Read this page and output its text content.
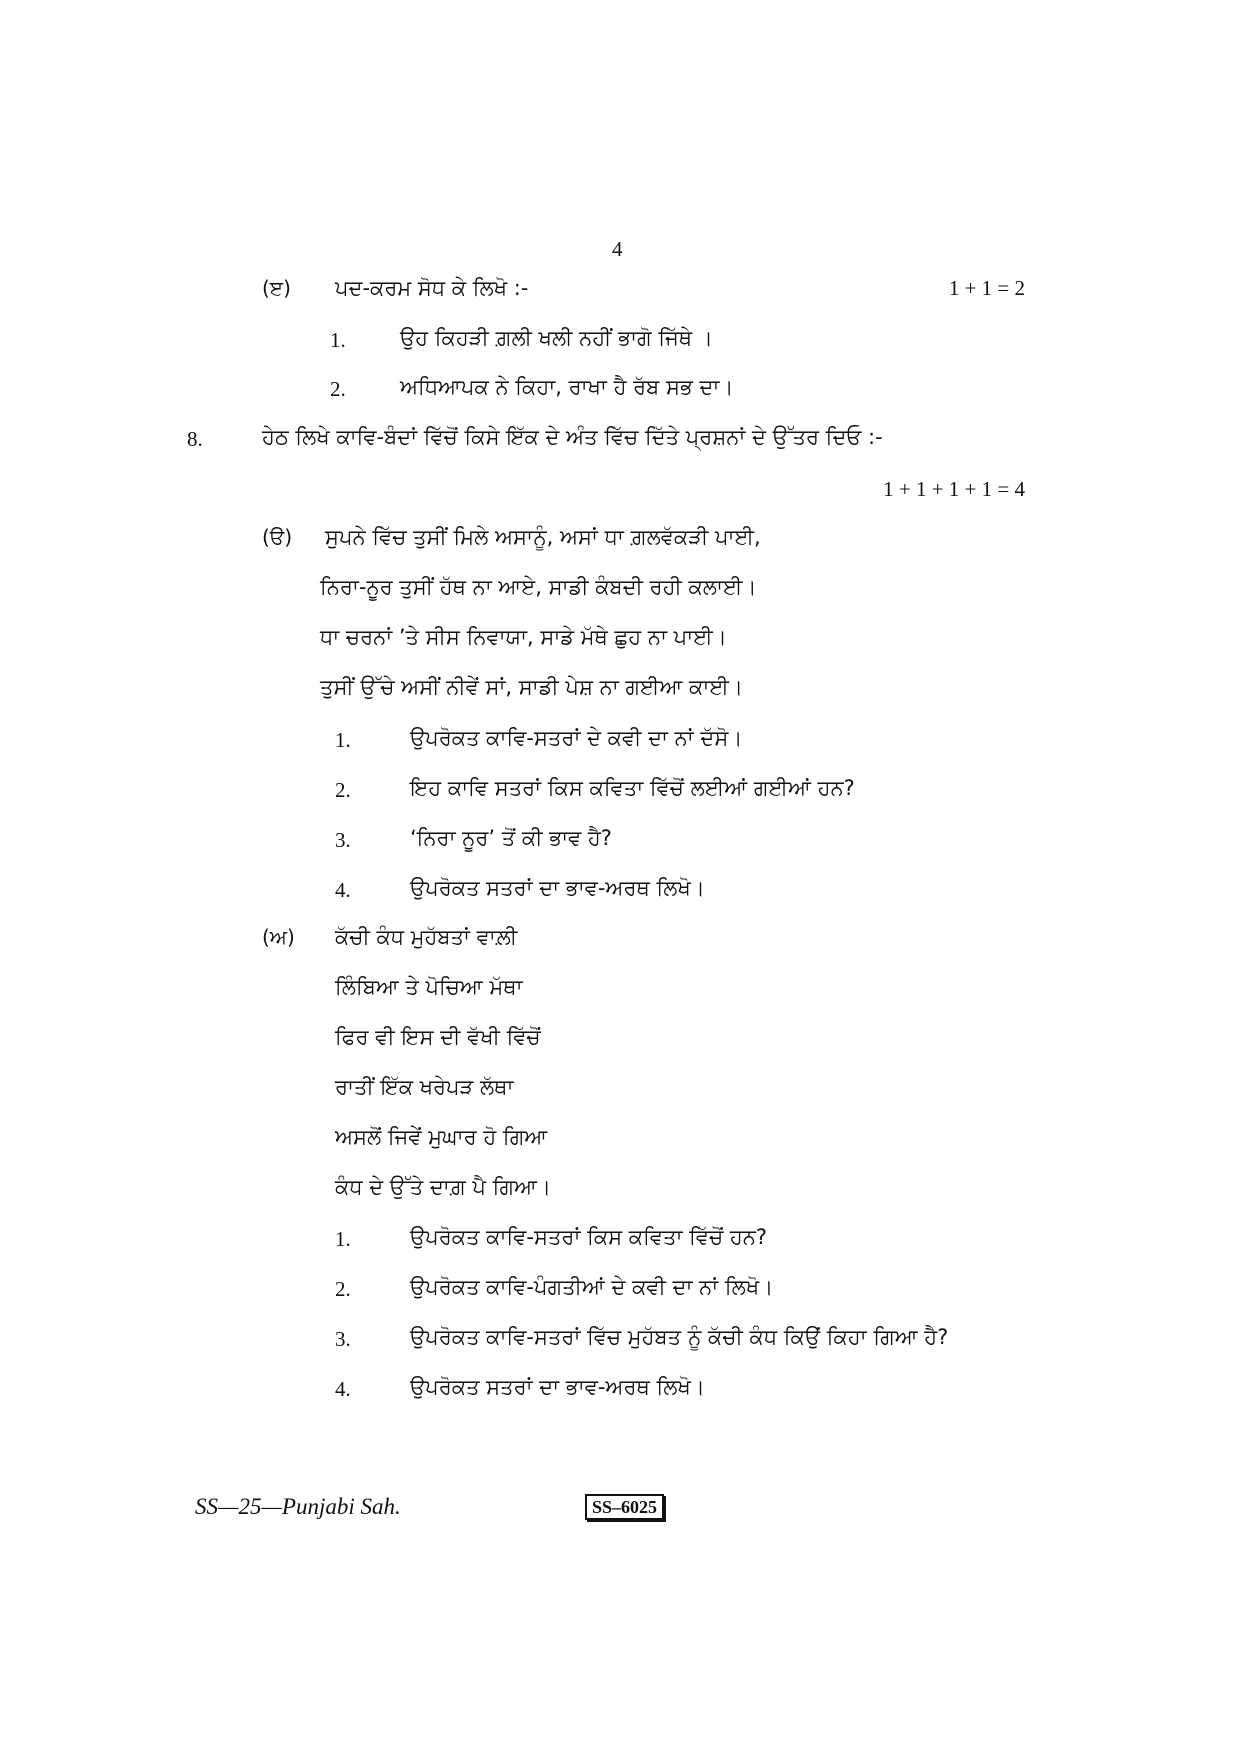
4
(ੲ) ਪਦ-ਕਰਮ ਸੋਧ ਕੇ ਲਿਖੋ :-	1 + 1 = 2
1.	ਉਹ ਕਿਹੜੀ ਗ਼ਲੀ ਖਲੀ ਨਹੀਂ ਭਾਗੋ ਜਿੱਥੇ ।
2.	ਅਧਿਆਪਕ ਨੇ ਕਿਹਾ, ਰਾਖਾ ਹੈ ਰੱਬ ਸਭ ਦਾ।
8.	ਹੇਠ ਲਿਖੇ ਕਾਵਿ-ਬੰਦਾਂ ਵਿੱਚੋਂ ਕਿਸੇ ਇੱਕ ਦੇ ਅੰਤ ਵਿੱਚ ਦਿੱਤੇ ਪ੍ਰਸ਼ਨਾਂ ਦੇ ਉੱਤਰ ਦਿਓ :-
1 + 1 + 1 + 1 = 4
(ੳ) ਸੁਪਨੇ ਵਿੱਚ ਤੁਸੀਂ ਮਿਲੇ ਅਸਾਨੂੰ, ਅਸਾਂ ਧਾ ਗ਼ਲਵੱਕੜੀ ਪਾਈ,
ਨਿਰਾ-ਨੂਰ ਤੁਸੀਂ ਹੱਥ ਨਾ ਆਏ, ਸਾਡੀ ਕੰਬਦੀ ਰਹੀ ਕਲਾਈ।
ਧਾ ਚਰਨਾਂ ’ਤੇ ਸੀਸ ਨਿਵਾਯਾ, ਸਾਡੇ ਮੱਥੇ ਛੁਹ ਨਾ ਪਾਈ।
ਤੁਸੀਂ ਉੱਚੇ ਅਸੀਂ ਨੀਵੇਂ ਸਾਂ, ਸਾਡੀ ਪੇਸ਼ ਨਾ ਗਈਆ ਕਾਈ।
1.	ਉਪਰੋਕਤ ਕਾਵਿ-ਸਤਰਾਂ ਦੇ ਕਵੀ ਦਾ ਨਾਂ ਦੱਸੋ।
2.	ਇਹ ਕਾਵਿ ਸਤਰਾਂ ਕਿਸ ਕਵਿਤਾ ਵਿੱਚੋਂ ਲਈਆਂ ਗਈਆਂ ਹਨ?
3.	‘ਨਿਰਾ ਨੂਰ’ ਤੋਂ ਕੀ ਭਾਵ ਹੈ?
4.	ਉਪਰੋਕਤ ਸਤਰਾਂ ਦਾ ਭਾਵ-ਅਰਥ ਲਿਖੋ।
(ਅ) ਕੱਚੀ ਕੰਧ ਮੁਹੱਬਤਾਂ ਵਾਲ਼ੀ
ਲਿੰਬਿਆ ਤੇ ਪੋਚਿਆ ਮੱਥਾ
ਫਿਰ ਵੀ ਇਸ ਦੀ ਵੱਖੀ ਵਿੱਚੋਂ
ਰਾਤੀਂ ਇੱਕ ਖਰੇਪੜ ਲੱਥਾ
ਅਸਲੋਂ ਜਿਵੇਂ ਮੁਘਾਰ ਹੋ ਗਿਆ
ਕੰਧ ਦੇ ਉੱਤੇ ਦਾਗ਼ ਪੈ ਗਿਆ।
1.	ਉਪਰੋਕਤ ਕਾਵਿ-ਸਤਰਾਂ ਕਿਸ ਕਵਿਤਾ ਵਿੱਚੋਂ ਹਨ?
2.	ਉਪਰੋਕਤ ਕਾਵਿ-ਪੰਗਤੀਆਂ ਦੇ ਕਵੀ ਦਾ ਨਾਂ ਲਿਖੋ।
3.	ਉਪਰੋਕਤ ਕਾਵਿ-ਸਤਰਾਂ ਵਿੱਚ ਮੁਹੱਬਤ ਨੂੰ ਕੱਚੀ ਕੰਧ ਕਿਉਂ ਕਿਹਾ ਗਿਆ ਹੈ?
4.	ਉਪਰੋਕਤ ਸਤਰਾਂ ਦਾ ਭਾਵ-ਅਰਥ ਲਿਖੋ।
SS—25—Punjabi Sah.	SS–6025
